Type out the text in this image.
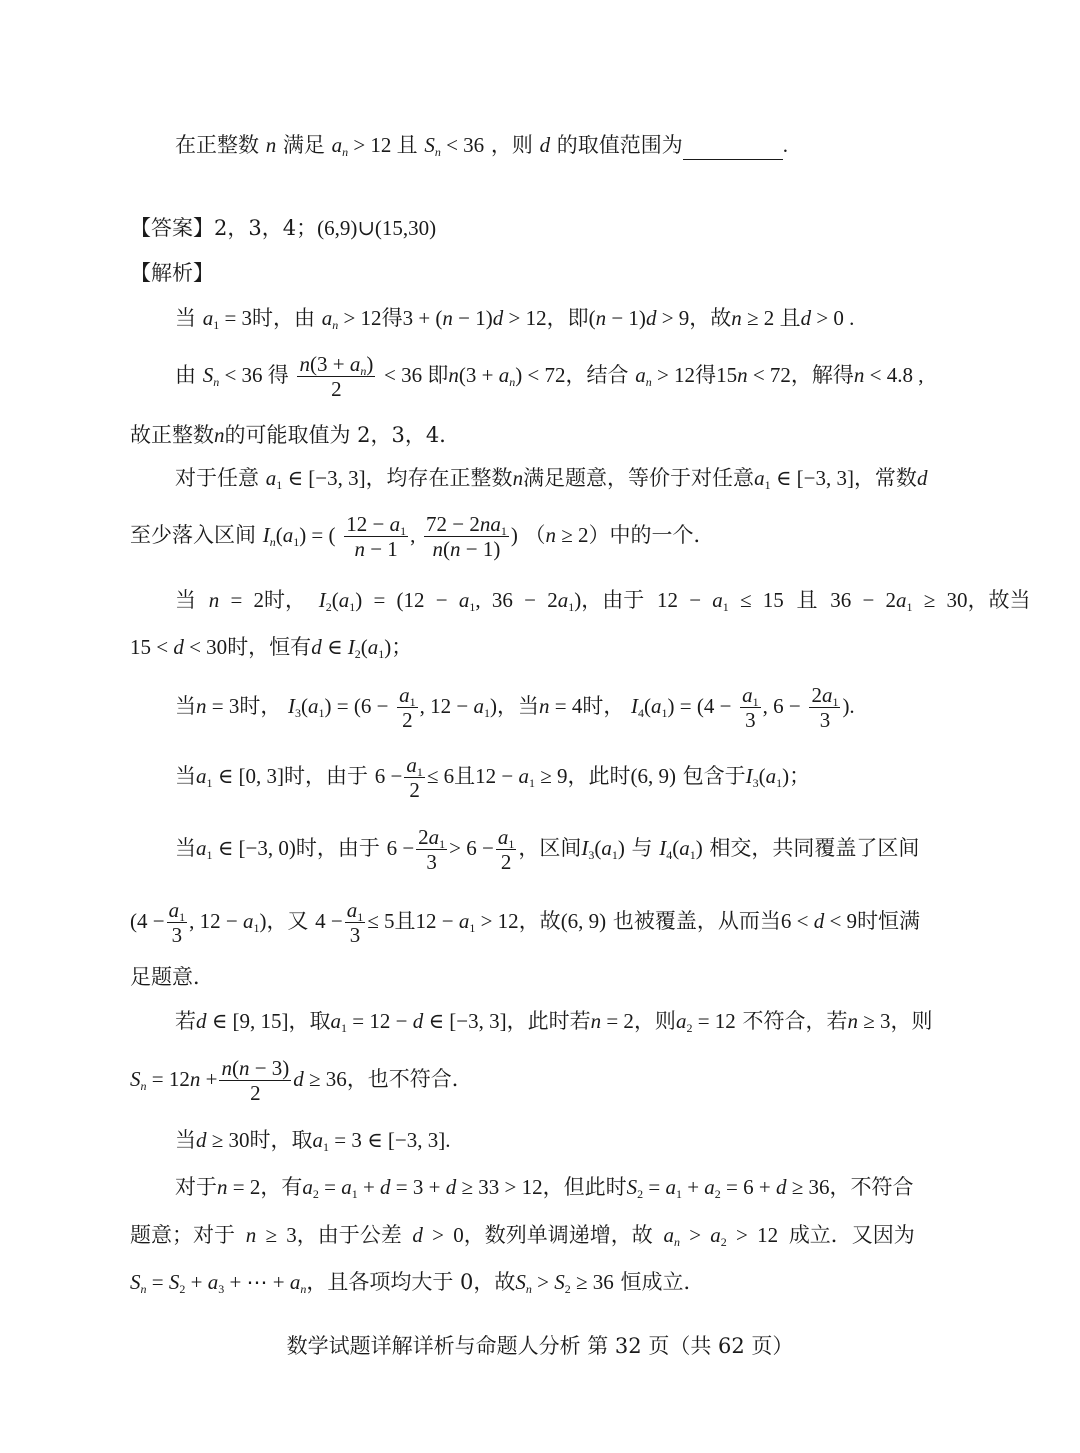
在正整数 n 满足 $a_n > 12$ 且 $S_n < 36$ ，则 d 的取值范围为	.
【答案】2，3，4；(6,9)∪(15,30)
【解析】
当 $a_1 = 3$时，由 $a_n > 12$得3 + (n − 1)d > 12，即(n − 1)d > 9，故n ≥ 2 且d > 0 .
由 $S_n < 36$ 得 $\frac{n(3 + a_n)}{2} < 36$ 即$n(3 + a_n) < 72$，结合 $a_n > 12$得15n < 72，解得n < 4.8 ,
故正整数n的可能取值为 2，3，4．
对于任意 $a_1$ ∈ [−3, 3]，均存在正整数n满足题意，等价于对任意$a_1$ ∈ [−3, 3]，常数d
至少落入区间 $I_n(a_1)$ = ( $\frac{12 - a_1}{n - 1}$ , $\frac{72 - 2na_1}{n(n - 1)}$ ) （n ≥ 2）中的一个．
当 n = 2时， $I_2(a_1) = (12 - a_1$, $36 - 2a_1$)，由于 $12 - a_1 \le 15$ 且 $36 - 2a_1 \ge 30$，故当
15 < d < 30时，恒有d ∈ $I_2(a_1)$；
当n = 3时， $I_3(a_1) = (6 - \frac{a_1}{2}$ , $12 - a_1$)，当n = 4时， $I_4(a_1) = (4 - \frac{a_1}{3}$ , $6 - \frac{2a_1}{3}$ ).
当$a_1$ ∈ [0, 3]时，由于 $6 - \frac{a_1}{2} \le 6$且$12 - a_1 \ge 9$，此时(6, 9) 包含于$I_3(a_1)$；
当$a_1$ ∈ [−3, 0)时，由于 $6 - \frac{2a_1}{3} > 6 - \frac{a_1}{2}$ ，区间$I_3(a_1)$ 与 $I_4(a_1)$ 相交，共同覆盖了区间
($4 - \frac{a_1}{3}$ , $12 - a_1$)，又 $4 - \frac{a_1}{3} \le 5$且$12 - a_1 > 12$，故(6, 9) 也被覆盖，从而当6 < d < 9时恒满
足题意．
若d ∈ [9, 15]，取$a_1 = 12 - d$ ∈ [−3, 3]，此时若n = 2，则$a_2 = 12$ 不符合，若n ≥ 3，则
$S_n = 12n + \frac{n(n - 3)}{2}$ d ≥ 36，也不符合．
当d ≥ 30时，取$a_1 = 3$ ∈ [−3, 3].
对于n = 2，有$a_2 = a_1 + d = 3 + d \ge 33 > 12$，但此时$S_2 = a_1 + a_2 = 6 + d \ge 36$，不符合
题意；对于 n ≥ 3，由于公差 d > 0，数列单调递增，故 $a_n > a_2 > 12$ 成立．又因为
$S_n = S_2 + a_3$ + ⋯ + $a_n$，且各项均大于 0，故$S_n > S_2 \ge 36$ 恒成立．
数学试题详解详析与命题人分析 第 32 页（共 62 页）
